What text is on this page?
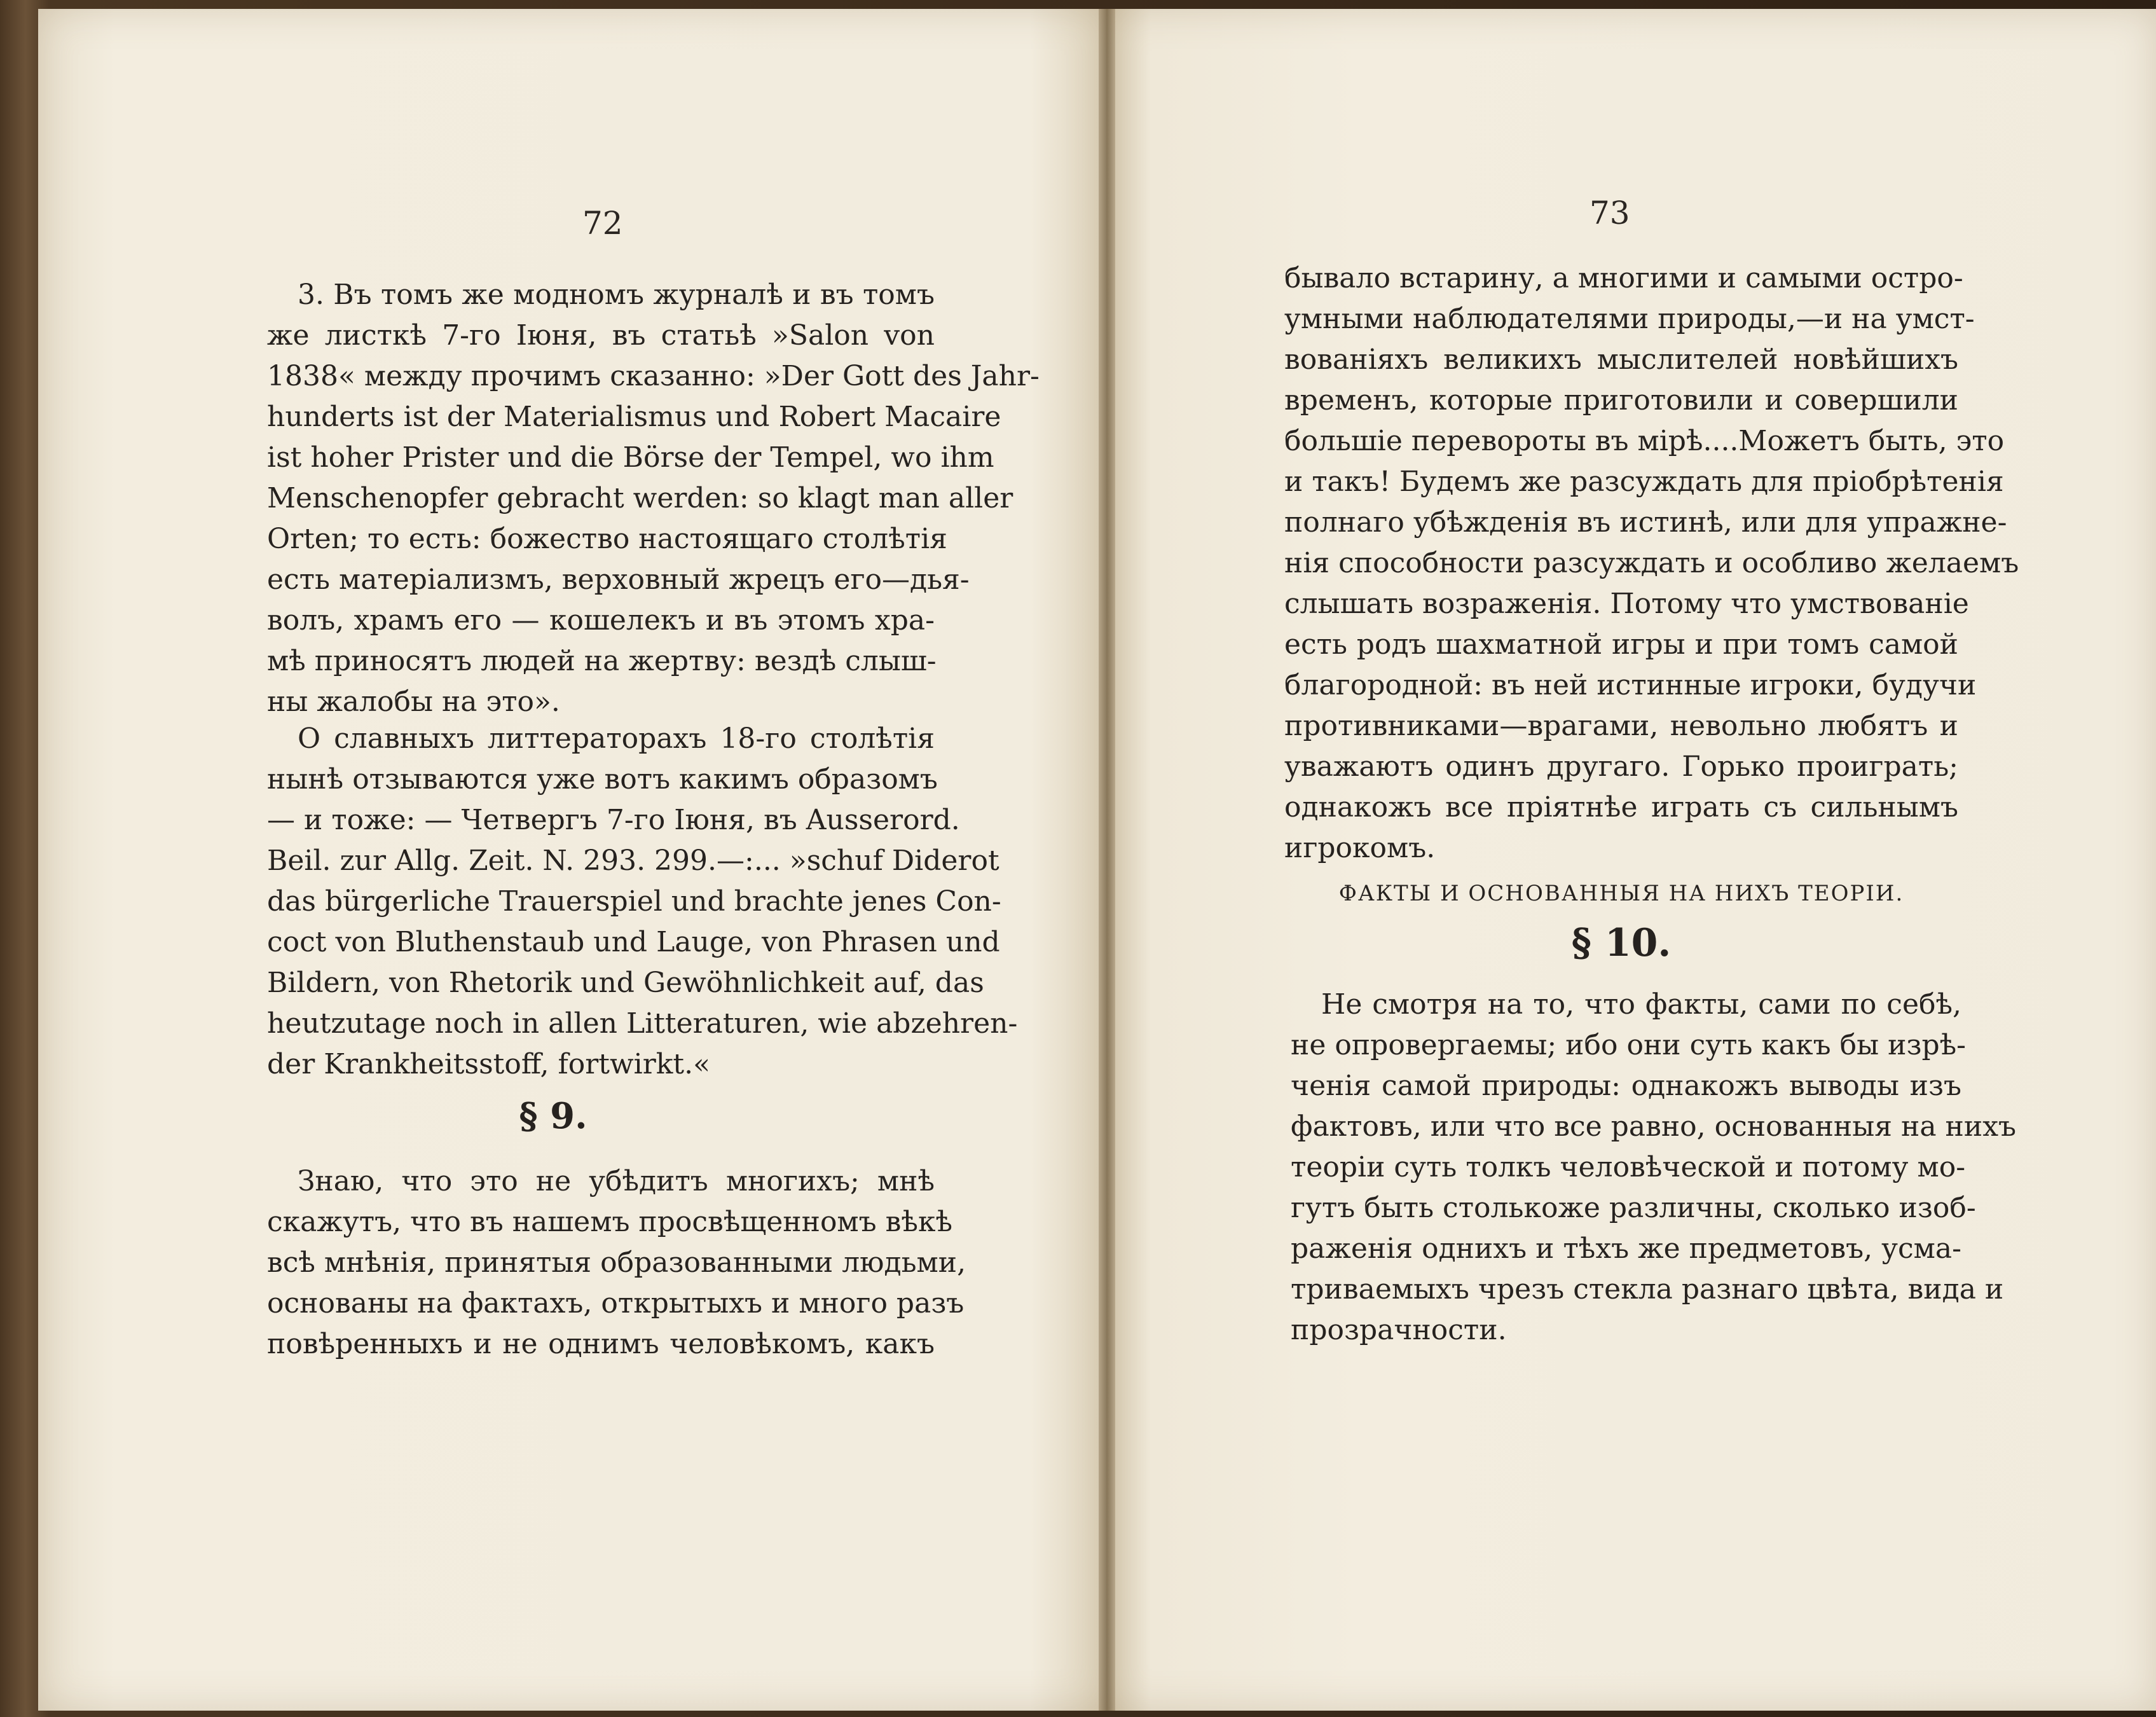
72	73
3. Въ томъ же модномъ журналѣ и въ томъ
же листкѣ 7-го Іюня, въ статьѣ »Salon von
1838« между прочимъ сказанно: »Der Gott des Jahr-
hunderts ist der Materialismus und Robert Macaire
ist hoher Prister und die Börse der Tempel, wo ihm
Menschenopfer gebracht werden: so klagt man aller
Orten; то есть: божество настоящаго столѣтія
есть матеріализмъ, верховный жрецъ его—дья-
волъ, храмъ его — кошелекъ и въ этомъ хра-
мѣ приносятъ людей на жертву: вездѣ слыш-
ны жалобы на это».
О славныхъ литтераторахъ 18-го столѣтія
нынѣ отзываются уже вотъ какимъ образомъ
— и тоже: — Четвергъ 7-го Іюня, въ Ausserord.
Beil. zur Allg. Zeit. N. 293. 299.—:... »schuf Diderot
das bürgerliche Trauerspiel und brachte jenes Con-
coct von Bluthenstaub und Lauge, von Phrasen und
Bildern, von Rhetorik und Gewöhnlichkeit auf, das
heutzutage noch in allen Litteraturen, wie abzehren-
der Krankheitsstoff, fortwirkt.«
§ 9.
Знаю, что это не убѣдитъ многихъ; мнѣ
скажутъ, что въ нашемъ просвѣщенномъ вѣкѣ
всѣ мнѣнія, принятыя образованными людьми,
основаны на фактахъ, открытыхъ и много разъ
повѣренныхъ и не однимъ человѣкомъ, какъ
бывало встарину, а многими и самыми остро-
умными наблюдателями природы,—и на умст-
вованіяхъ великихъ мыслителей новѣйшихъ
временъ, которые приготовили и совершили
большіе перевороты въ мірѣ....Можетъ быть, это
и такъ! Будемъ же разсуждать для пріобрѣтенія
полнаго убѣжденія въ истинѣ, или для упражне-
нія способности разсуждать и особливо желаемъ
слышать возраженія. Потому что умствованіе
есть родъ шахматной игры и при томъ самой
благородной: въ ней истинные игроки, будучи
противниками—врагами, невольно любятъ и
уважаютъ одинъ другаго. Горько проиграть;
однакожъ все пріятнѣе играть съ сильнымъ
игрокомъ.
ФАКТЫ И ОСНОВАННЫЯ НА НИХЪ ТЕОРІИ.
§ 10.
Не смотря на то, что факты, сами по себѣ,
не опровергаемы; ибо они суть какъ бы изрѣ-
ченія самой природы: однакожъ выводы изъ
фактовъ, или что все равно, основанныя на нихъ
теоріи суть толкъ человѣческой и потому мо-
гутъ быть столькоже различны, сколько изоб-
раженія однихъ и тѣхъ же предметовъ, усма-
триваемыхъ чрезъ стекла разнаго цвѣта, вида и
прозрачности.
